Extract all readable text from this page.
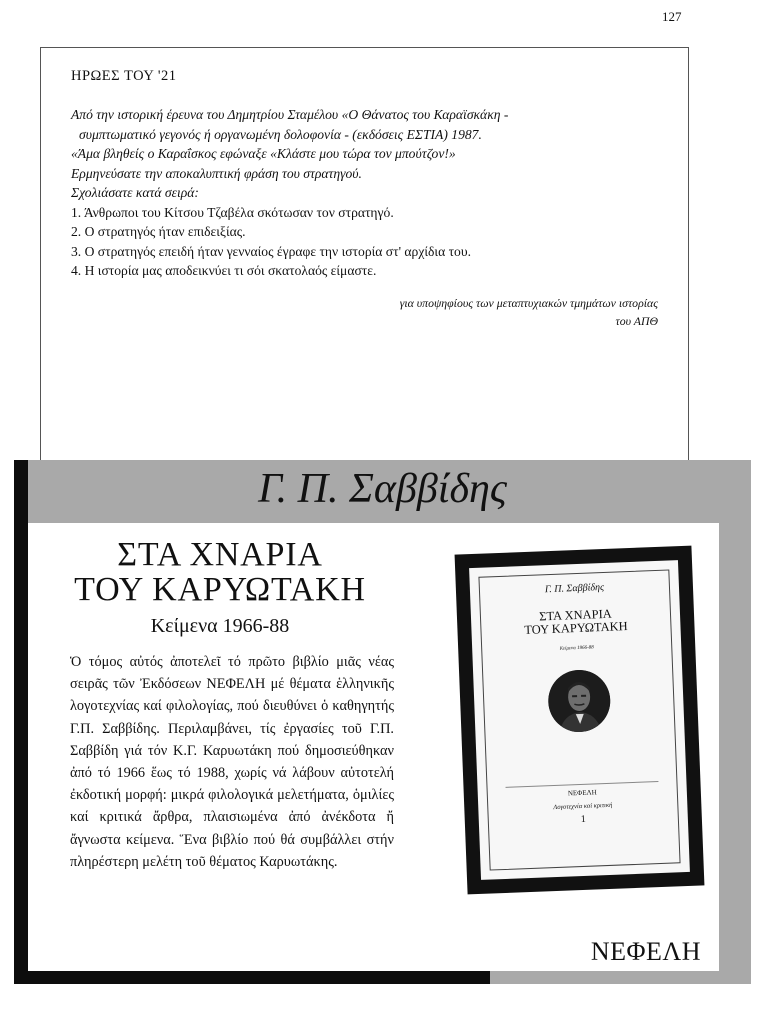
127
ΗΡΩΕΣ ΤΟΥ '21

Από την ιστορική έρευνα του Δημητρίου Σταμέλου «Ο Θάνατος του Καραϊσκάκη -

συμπτωματικό γεγονός ή οργανωμένη δολοφονία - (εκδόσεις ΕΣΤΙΑ) 1987.

«Άμα βληθείς ο Καραΐσκος εφώναξε «Κλάστε μου τώρα τον μπούτζον!»

Ερμηνεύσατε την αποκαλυπτική φράση του στρατηγού.

Σχολιάσατε κατά σειρά:

1. Άνθρωποι του Κίτσου Τζαβέλα σκότωσαν τον στρατηγό.

2. Ο στρατηγός ήταν επιδειξίας.

3. Ο στρατηγός επειδή ήταν γενναίος έγραφε την ιστορία στ' αρχίδια του.

4. Η ιστορία μας αποδεικνύει τι σόι σκατολαός είμαστε.

για υποψηφίους των μεταπτυχιακών τμημάτων ιστορίας
του ΑΠΘ
Γ. Π. Σαββίδης
ΣΤΑ ΧΝΑΡΙΑ
ΤΟΥ ΚΑΡΥΩΤΑΚΗ
Κείμενα 1966-88
Ὁ τόμος αὐτός ἀποτελεῖ τό πρῶτο βιβλίο μιᾶς νέας σειρᾶς τῶν Ἐκδόσεων ΝΕΦΕΛΗ μέ θέματα ἑλληνικῆς λογοτεχνίας καί φιλολογίας, πού διευθύνει ὁ καθηγητής Γ.Π. Σαββίδης. Περιλαμβάνει, τίς ἐργασίες τοῦ Γ.Π. Σαββίδη γιά τόν Κ.Γ. Καρυωτάκη πού δημοσιεύθηκαν ἀπό τό 1966 ἕως τό 1988, χωρίς νά λάβουν αὐτοτελή ἐκδοτική μορφή: μικρά φιλολογικά μελετήματα, ὁμιλίες καί κριτικά ἄρθρα, πλαισιωμένα ἀπό ἀνέκδοτα ἤ ἄγνωστα κείμενα. Ἕνα βιβλίο πού θά συμβάλλει στήν πληρέστερη μελέτη τοῦ θέματος Καρυωτάκης.
ΝΕΦΕΛΗ
Γ. Π. Σαββίδης
ΣΤΑ ΧΝΑΡΙΑ
ΤΟΥ ΚΑΡΥΩΤΑΚΗ
Κείμενα 1966-88
ΝΕΦΕΛΗ
Λογοτεχνία καί κριτική
1
